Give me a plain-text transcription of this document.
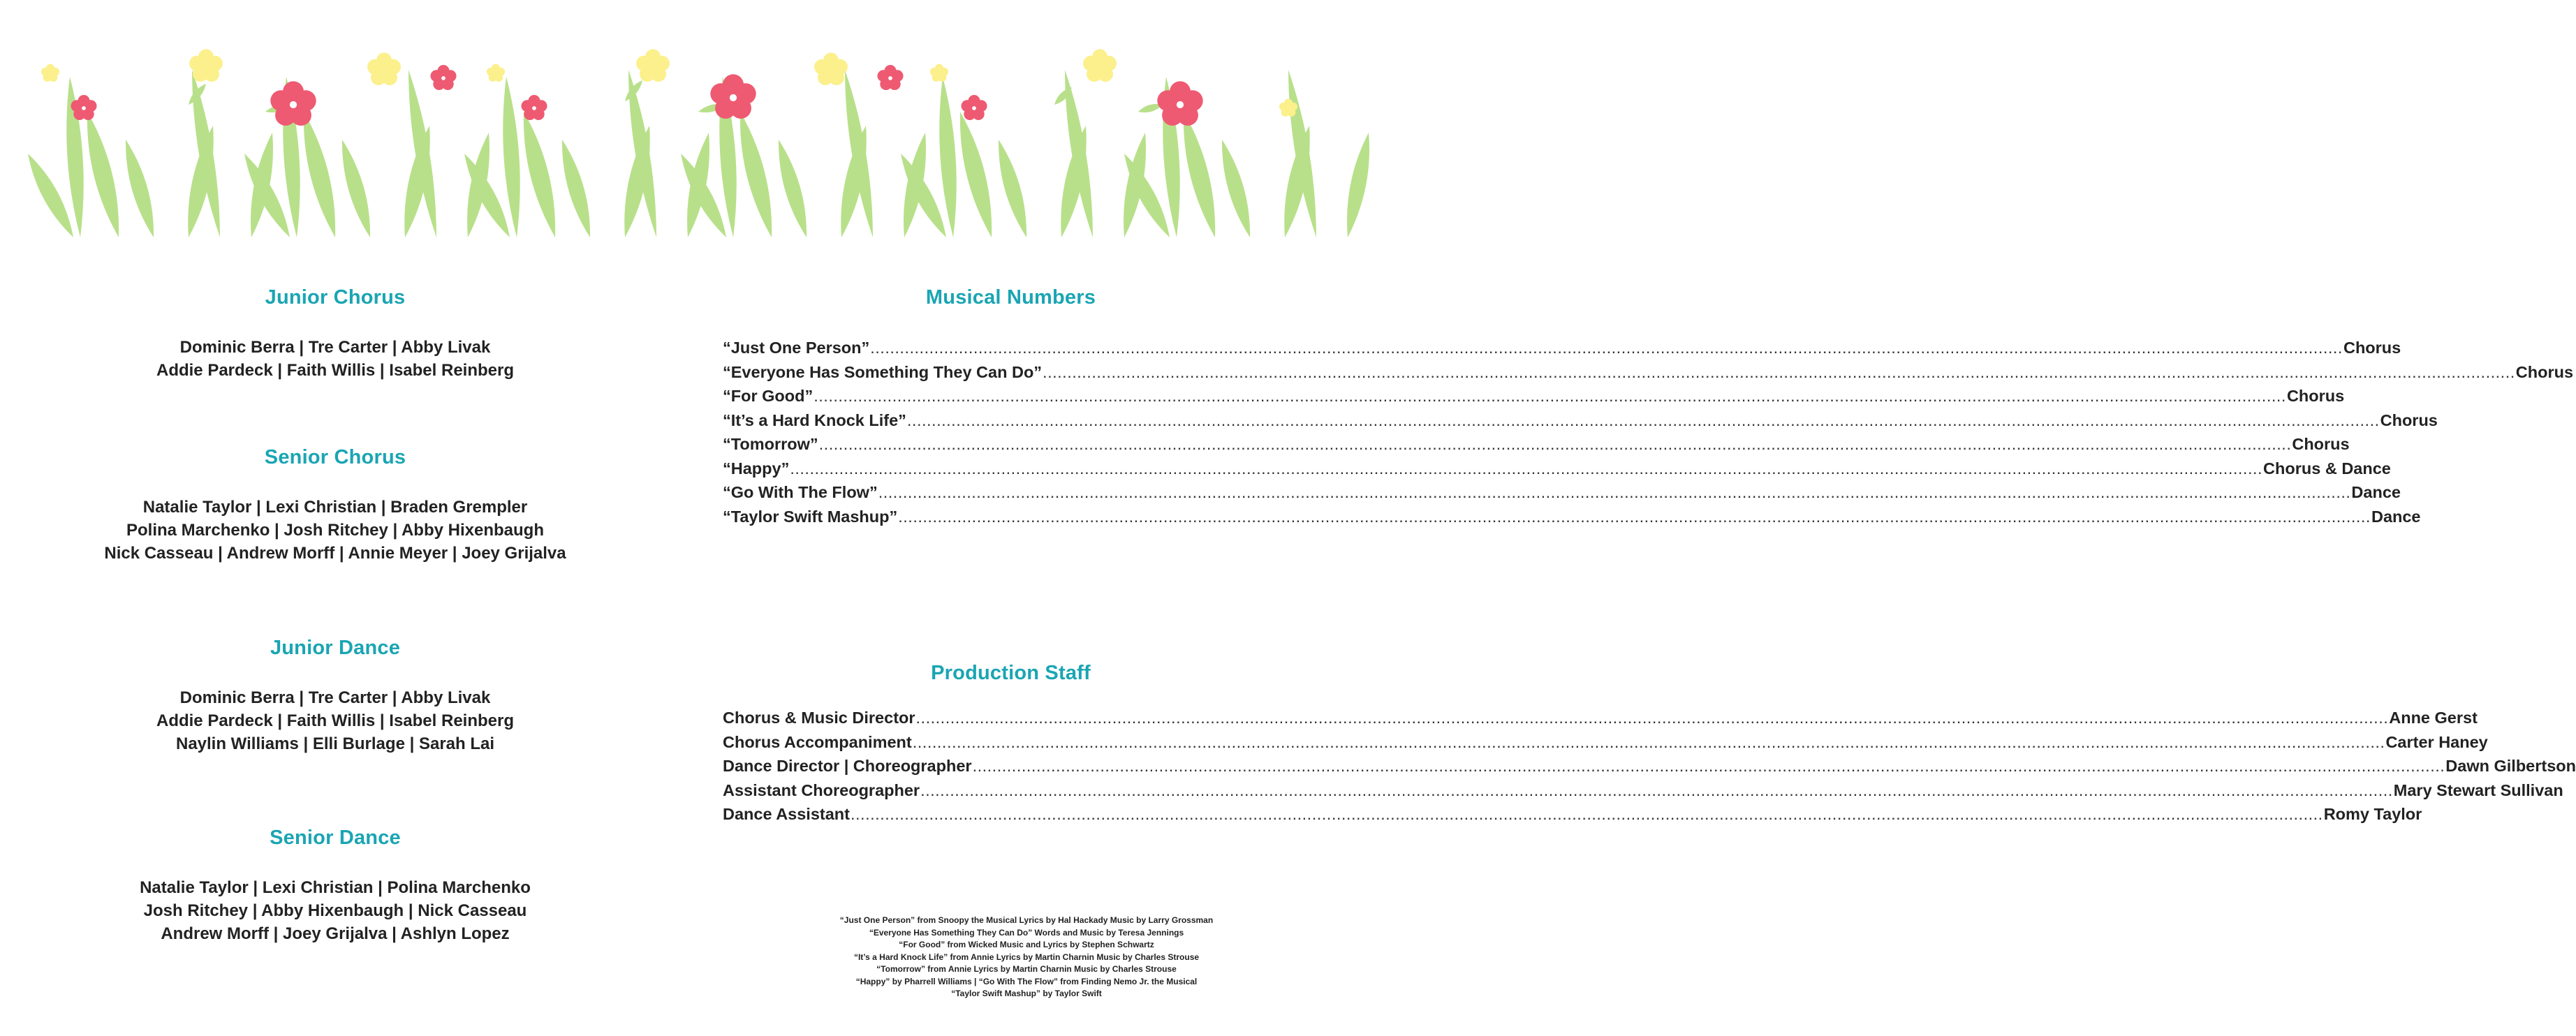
Junior Chorus
Dominic Berra | Tre Carter | Abby Livak
Addie Pardeck | Faith Willis | Isabel Reinberg
Senior Chorus
Natalie Taylor | Lexi Christian | Braden Grempler
Polina Marchenko | Josh Ritchey | Abby Hixenbaugh
Nick Casseau | Andrew Morff | Annie Meyer | Joey Grijalva
Junior Dance
Dominic Berra | Tre Carter | Abby Livak
Addie Pardeck | Faith Willis | Isabel Reinberg
Naylin Williams | Elli Burlage | Sarah Lai
Senior Dance
Natalie Taylor | Lexi Christian | Polina Marchenko
Josh Ritchey | Abby Hixenbaugh | Nick Casseau
Andrew Morff | Joey Grijalva | Ashlyn Lopez
Musical Numbers
“Just One Person” ............................................................................................................................................................................................................................................................................................................ Chorus
“Everyone Has Something They Can Do” ............................................................................................................................................................................................................................................................................................................ Chorus
“For Good” ............................................................................................................................................................................................................................................................................................................ Chorus
“It’s a Hard Knock Life” ............................................................................................................................................................................................................................................................................................................ Chorus
“Tomorrow” ............................................................................................................................................................................................................................................................................................................ Chorus
“Happy” ............................................................................................................................................................................................................................................................................................................ Chorus & Dance
“Go With The Flow” ............................................................................................................................................................................................................................................................................................................ Dance
“Taylor Swift Mashup” ............................................................................................................................................................................................................................................................................................................ Dance
Production Staff
Chorus & Music Director ............................................................................................................................................................................................................................................................................................................ Anne Gerst
Chorus Accompaniment ............................................................................................................................................................................................................................................................................................................ Carter Haney
Dance Director | Choreographer ............................................................................................................................................................................................................................................................................................................ Dawn Gilbertson
Assistant Choreographer ............................................................................................................................................................................................................................................................................................................ Mary Stewart Sullivan
Dance Assistant ............................................................................................................................................................................................................................................................................................................ Romy Taylor
“Just One Person” from Snoopy the Musical Lyrics by Hal Hackady Music by Larry Grossman
“Everyone Has Something They Can Do” Words and Music by Teresa Jennings
“For Good” from Wicked Music and Lyrics by Stephen Schwartz
“It’s a Hard Knock Life” from Annie Lyrics by Martin Charnin Music by Charles Strouse
“Tomorrow” from Annie Lyrics by Martin Charnin Music by Charles Strouse
“Happy” by Pharrell Williams | “Go With The Flow” from Finding Nemo Jr. the Musical
“Taylor Swift Mashup” by Taylor Swift
